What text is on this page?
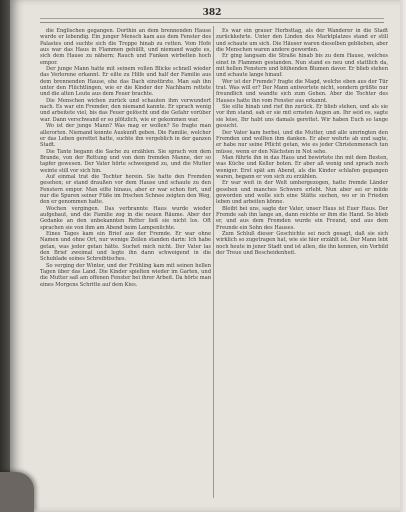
382

die Englischen gegangen. Dorthin an dem brennenden Hause wurde er lebendig. Ein junger Mensch kam aus dem Fenster des Palastes und suchte sich die Treppe hinab zu retten. Vom Hofe aus war das Haus in Flammen gehüllt, und niemand wagte es, sich dem Hause zu nähern; Rauch und Funken wirbelten hoch empor.

Der junge Mann hatte mit seinem vollen Blicke schnell wieder das Verlorene erkannt. Er eilte zu Hilfe und half der Familie aus dem brennenden Hause, ehe das Dach einstürzte. Man sah ihn unter den Flüchtlingen, wie er die Kinder der Nachbarn rettete und die alten Leute aus dem Feuer brachte.

Die Menschen wichen zurück und schauten ihm verwundert nach. Es war ein Fremder, den niemand kannte. Er sprach wenig und arbeitete viel, bis das Feuer gelöscht und die Gefahr vorüber war. Dann verschwand er so plötzlich, wie er gekommen war.

Wo ist der junge Mann? Was mag er wollen? So fragte man allerorten. Niemand konnte Auskunft geben. Die Familie, welcher er das Leben gerettet hatte, suchte ihn vergeblich in der ganzen Stadt.

Die Tante begann die Sache zu erzählen. Sie sprach von dem Brande, von der Rettung und von dem fremden Manne, der so tapfer gewesen. Der Vater hörte schweigend zu, und die Mutter weinte still vor sich hin.

Auf einmal trat die Tochter herein. Sie hatte den Fremden gesehen; er stand draußen vor dem Hause und schaute zu den Fenstern empor. Man eilte hinaus, aber er war schon fort, und nur die Spuren seiner Füße im frischen Schnee zeigten den Weg, den er genommen hatte.

Wochen vergingen. Das verbrannte Haus wurde wieder aufgebaut, und die Familie zog in die neuen Räume. Aber der Gedanke an den unbekannten Retter ließ sie nicht los. Oft sprachen sie von ihm am Abend beim Lampenlichte.

Eines Tages kam ein Brief aus der Fremde. Er war ohne Namen und ohne Ort, nur wenige Zeilen standen darin: Ich habe getan, was jeder getan hätte. Suchet mich nicht. Der Vater las den Brief zweimal und legte ihn dann schweigend in die Schublade seines Schreibtisches.

So verging der Winter, und der Frühling kam mit seinen hellen Tagen über das Land. Die Kinder spielten wieder im Garten, und die Mutter saß am offenen Fenster bei ihrer Arbeit. Da hörte man eines Morgens Schritte auf dem Kies.

Es war ein grauer Herbsttag, als der Wanderer in die Stadt zurückkehrte. Unter den Linden des Marktplatzes stand er still und schaute um sich. Die Häuser waren dieselben geblieben, aber die Menschen waren andere geworden.

Er ging langsam die Straße hinab bis zu dem Hause, welches einst in Flammen gestanden. Nun stand es neu und stattlich da, mit hellen Fenstern und blühenden Blumen davor. Er blieb stehen und schaute lange hinauf.

Wer ist der Fremde? fragte die Magd, welche eben aus der Tür trat. Was will er? Der Mann antwortete nicht, sondern grüßte nur freundlich und wandte sich zum Gehen. Aber die Tochter des Hauses hatte ihn vom Fenster aus erkannt.

Sie eilte hinab und rief ihn zurück. Er blieb stehen, und als sie vor ihm stand, sah er sie mit ernsten Augen an. Ihr seid es, sagte sie leise, Ihr habt uns damals gerettet. Wir haben Euch so lange gesucht.

Der Vater kam herbei, und die Mutter, und alle umringten den Fremden und wollten ihm danken. Er aber wehrte ab und sagte, er habe nur seine Pflicht getan, wie es jeder Christenmensch tun müsse, wenn er den Nächsten in Not sehe.

Man führte ihn in das Haus und bewirtete ihn mit dem Besten, was Küche und Keller boten. Er aber aß wenig und sprach noch weniger. Erst spät am Abend, als die Kinder schlafen gegangen waren, begann er von sich zu erzählen.

Er war weit in der Welt umhergezogen, hatte fremde Länder gesehen und manches Schwere erlebt. Nun aber sei er müde geworden und wolle sich eine Stätte suchen, wo er in Frieden leben und arbeiten könne.

Bleibt bei uns, sagte der Vater, unser Haus ist Euer Haus. Der Fremde sah ihn lange an, dann reichte er ihm die Hand. So blieb er, und aus dem Fremden wurde ein Freund, und aus dem Freunde ein Sohn des Hauses.

Zum Schluß dieser Geschichte sei noch gesagt, daß sie sich wirklich so zugetragen hat, wie sie hier erzählt ist. Der Mann lebt noch heute in jener Stadt und ist allen, die ihn kennen, ein Vorbild der Treue und Bescheidenheit.
